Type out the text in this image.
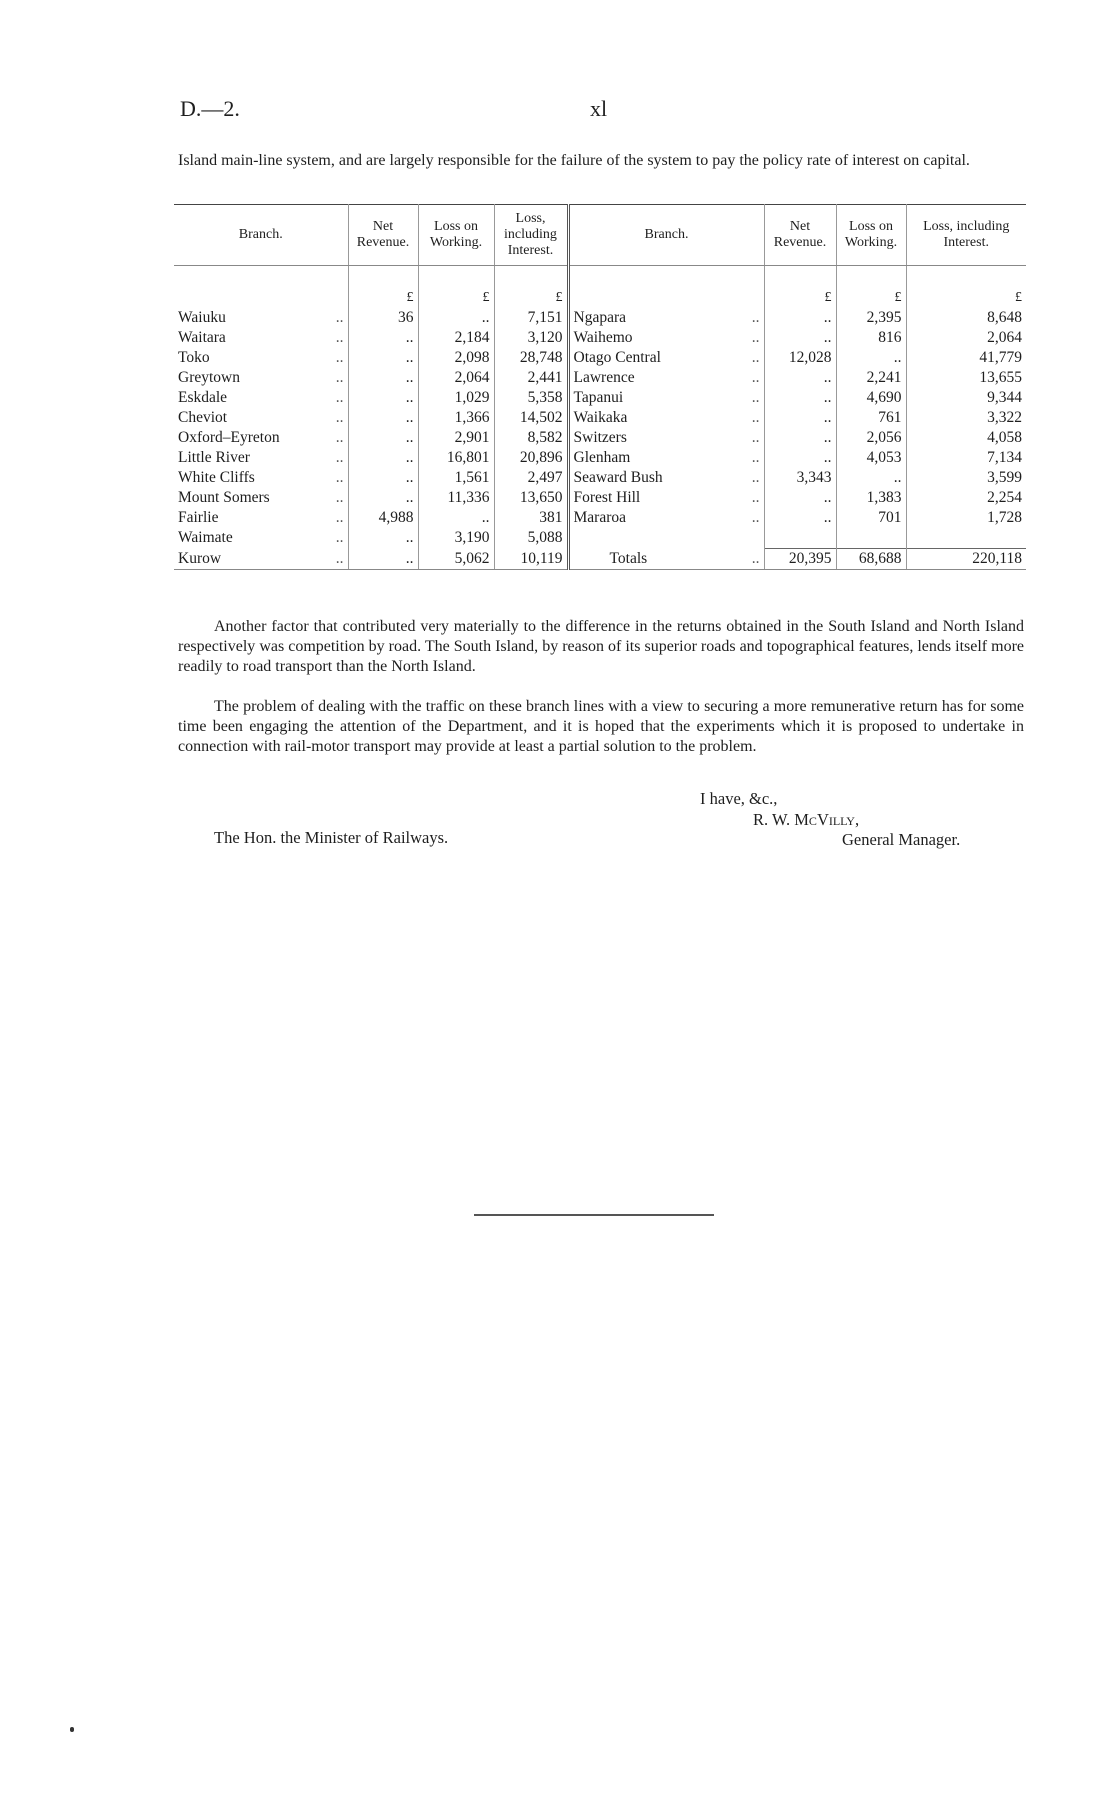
D.—2.	xl
Island main-line system, and are largely responsible for the failure of the system to pay the policy rate of interest on capital.
Branch.	Net Revenue.	Loss on Working.	Loss, including Interest.	Branch.	Net Revenue.	Loss on Working.	Loss, including Interest.
	£	£	£		£	£	£
Waiuku ..	36	..	7,151	Ngapara ..	..	2,395	8,648
Waitara ..	..	2,184	3,120	Waihemo ..	..	816	2,064
Toko ..	..	2,098	28,748	Otago Central ..	12,028	..	41,779
Greytown ..	..	2,064	2,441	Lawrence ..	..	2,241	13,655
Eskdale ..	..	1,029	5,358	Tapanui ..	..	4,690	9,344
Cheviot ..	..	1,366	14,502	Waikaka ..	..	761	3,322
Oxford–Eyreton ..	..	2,901	8,582	Switzers ..	..	2,056	4,058
Little River ..	..	16,801	20,896	Glenham ..	..	4,053	7,134
White Cliffs ..	..	1,561	2,497	Seaward Bush ..	3,343	..	3,599
Mount Somers ..	..	11,336	13,650	Forest Hill ..	..	1,383	2,254
Fairlie ..	4,988	..	381	Mararoa ..	..	701	1,728
Waimate ..	..	3,190	5,088				
Kurow ..	..	5,062	10,119	Totals ..	20,395	68,688	220,118

Another factor that contributed very materially to the difference in the returns obtained in the South Island and North Island respectively was competition by road. The South Island, by reason of its superior roads and topographical features, lends itself more readily to road transport than the North Island.

The problem of dealing with the traffic on these branch lines with a view to securing a more remunerative return has for some time been engaging the attention of the Department, and it is hoped that the experiments which it is proposed to undertake in connection with rail-motor transport may provide at least a partial solution to the problem.

I have, &c.,
R. W. McVilly,
General Manager.
The Hon. the Minister of Railways.
